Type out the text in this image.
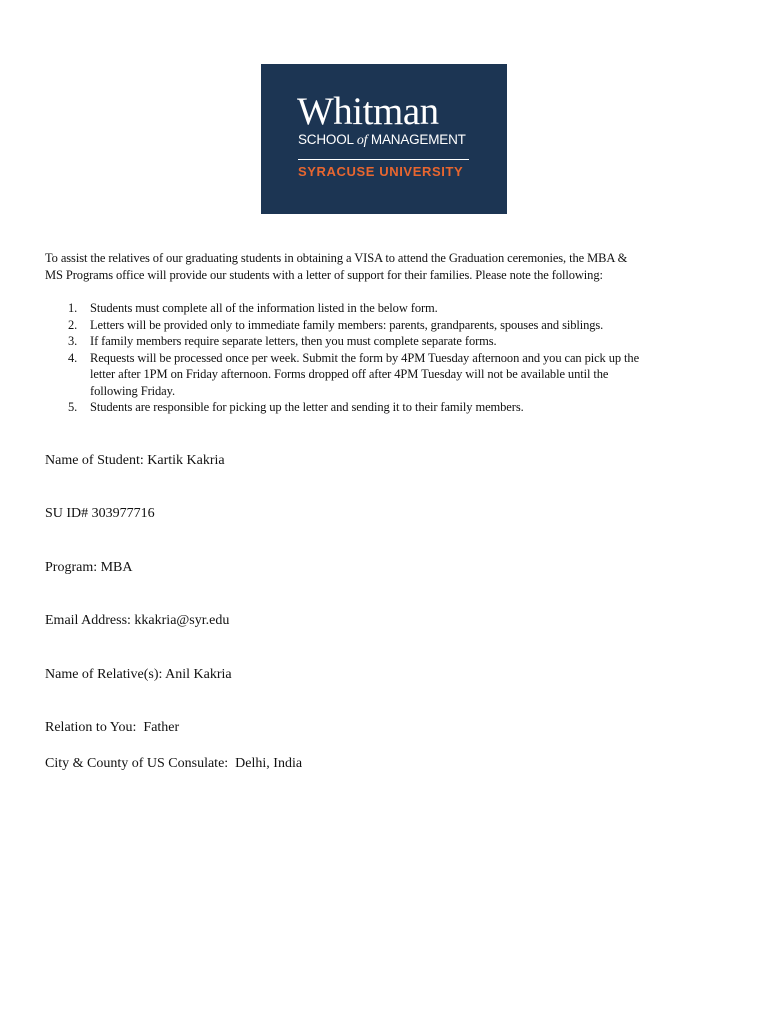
Whitman
SCHOOL of MANAGEMENT
SYRACUSE UNIVERSITY

To assist the relatives of our graduating students in obtaining a VISA to attend the Graduation ceremonies, the MBA &
MS Programs office will provide our students with a letter of support for their families. Please note the following:

1. Students must complete all of the information listed in the below form.
2. Letters will be provided only to immediate family members: parents, grandparents, spouses and siblings.
3. If family members require separate letters, then you must complete separate forms.
4. Requests will be processed once per week. Submit the form by 4PM Tuesday afternoon and you can pick up the
letter after 1PM on Friday afternoon. Forms dropped off after 4PM Tuesday will not be available until the
following Friday.
5. Students are responsible for picking up the letter and sending it to their family members.
Name of Student: Kartik Kakria
SU ID# 303977716
Program: MBA
Email Address: kkakria@syr.edu
Name of Relative(s): Anil Kakria
Relation to You:  Father
City & County of US Consulate:  Delhi, India
